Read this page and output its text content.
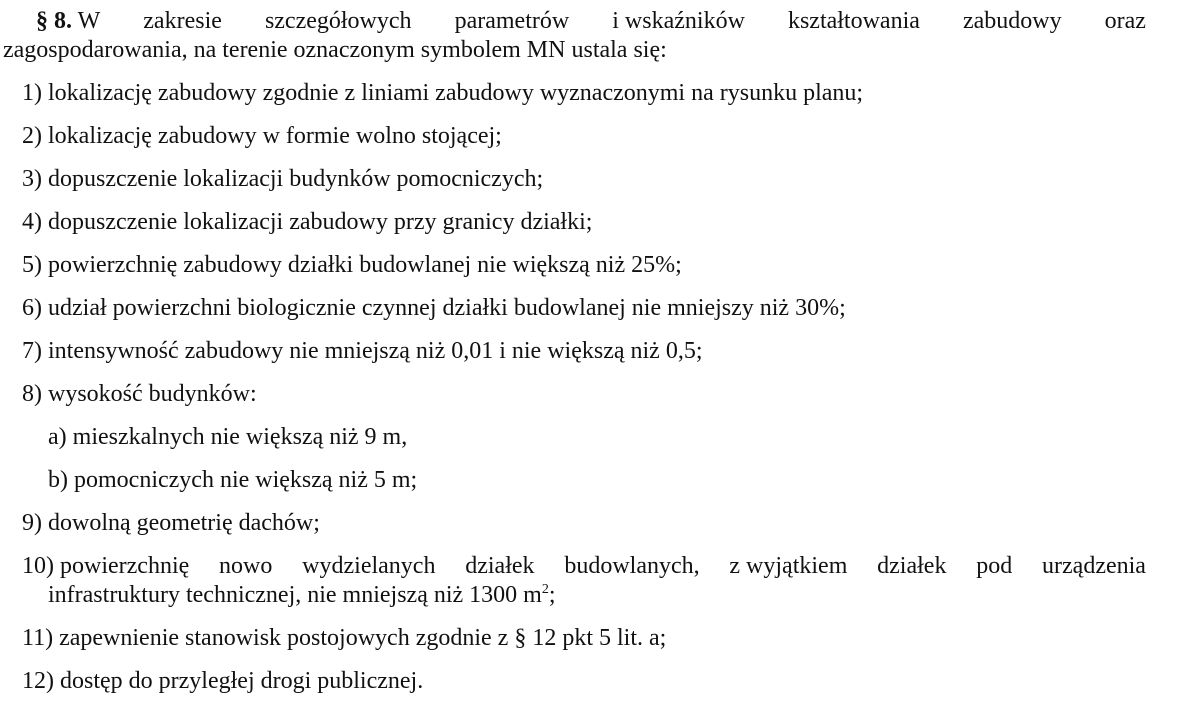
§ 8. W zakresie szczegółowych parametrów i wskaźników kształtowania zabudowy oraz
zagospodarowania, na terenie oznaczonym symbolem MN ustala się:
1) lokalizację zabudowy zgodnie z liniami zabudowy wyznaczonymi na rysunku planu;
2) lokalizację zabudowy w formie wolno stojącej;
3) dopuszczenie lokalizacji budynków pomocniczych;
4) dopuszczenie lokalizacji zabudowy przy granicy działki;
5) powierzchnię zabudowy działki budowlanej nie większą niż 25%;
6) udział powierzchni biologicznie czynnej działki budowlanej nie mniejszy niż 30%;
7) intensywność zabudowy nie mniejszą niż 0,01 i nie większą niż 0,5;
8) wysokość budynków:
a) mieszkalnych nie większą niż 9 m,
b) pomocniczych nie większą niż 5 m;
9) dowolną geometrię dachów;
10) powierzchnię nowo wydzielanych działek budowlanych, z wyjątkiem działek pod urządzenia
infrastruktury technicznej, nie mniejszą niż 1300 $m^2$;
11) zapewnienie stanowisk postojowych zgodnie z § 12 pkt 5 lit. a;
12) dostęp do przyległej drogi publicznej.
